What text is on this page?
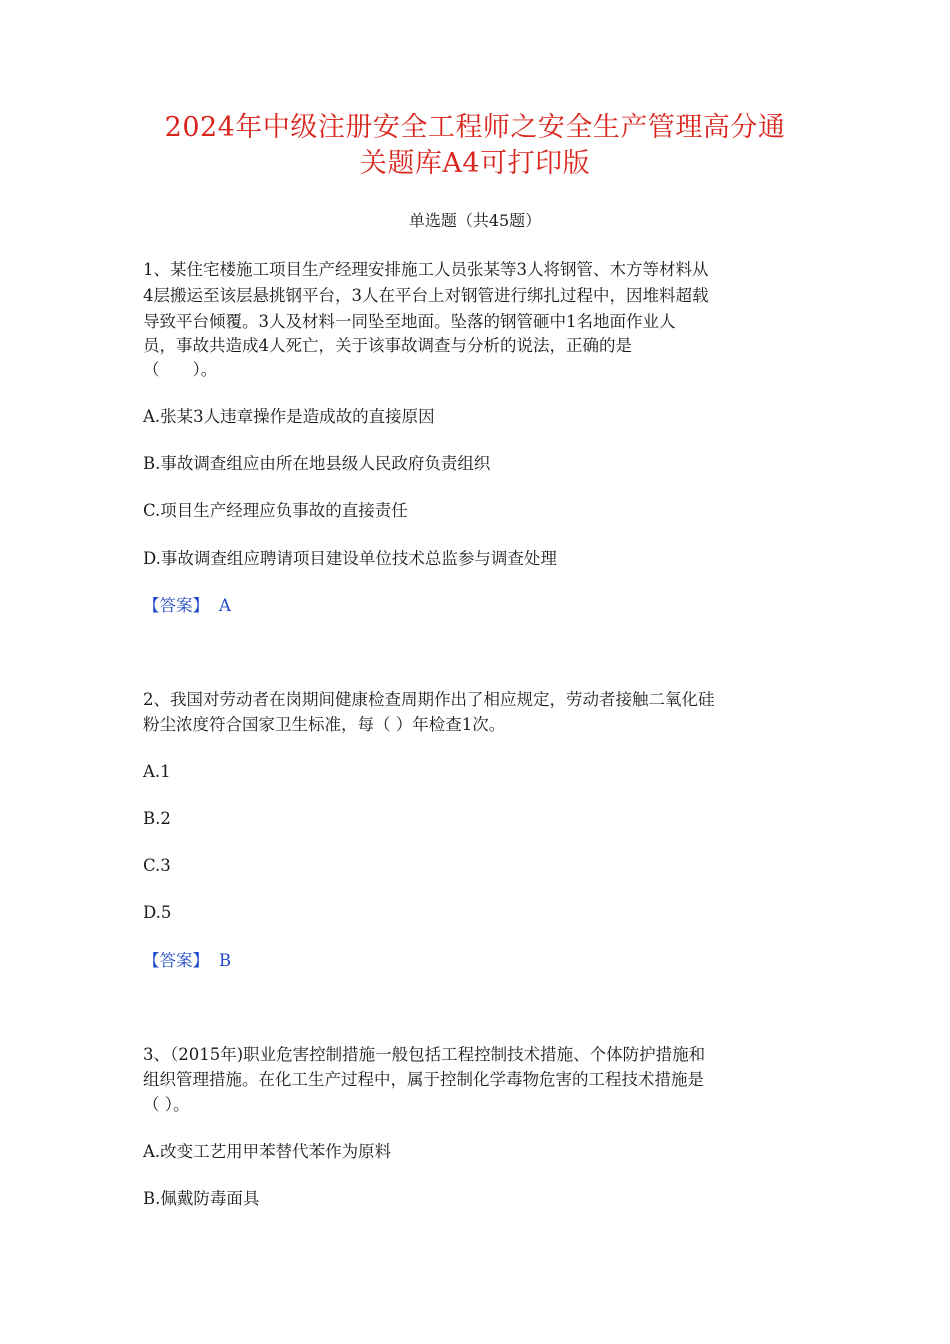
2024年中级注册安全工程师之安全生产管理高分通
关题库A4可打印版
单选题（共45题）
1、某住宅楼施工项目生产经理安排施工人员张某等3人将钢管、木方等材料从
4层搬运至该层悬挑钢平台，3人在平台上对钢管进行绑扎过程中，因堆料超载
导致平台倾覆。3人及材料一同坠至地面。坠落的钢管砸中1名地面作业人
员，事故共造成4人死亡，关于该事故调查与分析的说法，正确的是
（　　）。
A.张某3人违章操作是造成故的直接原因
B.事故调查组应由所在地县级人民政府负责组织
C.项目生产经理应负事故的直接责任
D.事故调查组应聘请项目建设单位技术总监参与调查处理
【答案】 A
2、我国对劳动者在岗期间健康检查周期作出了相应规定，劳动者接触二氧化硅
粉尘浓度符合国家卫生标准，每（ ）年检查1次。
A.1
B.2
C.3
D.5
【答案】 B
3、（2015年)职业危害控制措施一般包括工程控制技术措施、个体防护措施和
组织管理措施。在化工生产过程中，属于控制化学毒物危害的工程技术措施是
（ ）。
A.改变工艺用甲苯替代苯作为原料
B.佩戴防毒面具
